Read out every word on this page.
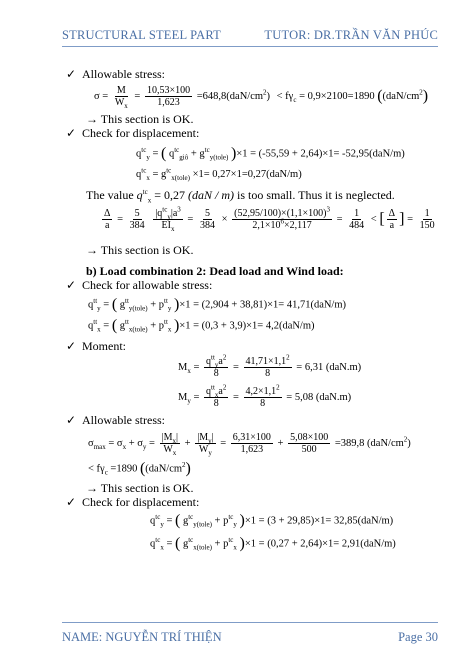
STRUCTURAL STEEL PART	TUTOR: DR.TRẦN VĂN PHÚC
✓ Allowable stress:
$\sigma = \frac{M}{W_x} = \frac{10,53\times 100}{1,623} =648,8(daN/cm^2) < f\gamma_c = 0,9\times 2100=1890$ ($(daN/cm^2)$
→ This section is OK.
✓ Check for displacement:
$q^{tc}_y$ = ( $q^{tc}_{giô} + g^{tc}_{y(tole)}$ )×1 = (-55,59 + 2,64)×1= -52,95(daN/m)
$q^{tc}_x = g^{tc}_{x(tole)} \times 1= 0,27\times 1=0,27(daN/m)$
The value $q^{tc}_x = 0,27$ (daN / m) is too small. Thus it is neglected.
$\frac{\Delta}{a} = \frac{5}{384}$
$|q^{tc}_y|a^3$
$EI_x$
= $\frac{5}{384} \times \frac{(52,95/100)\times(1,1\times 100)^3}{2,1\times 10^6\times 2,117} = \frac{1}{484}$ < [ $\frac{\Delta}{a}$ ] = $\frac{1}{150}$
→ This section is OK.
b) Load combination 2: Dead load and Wind load:
✓ Check for allowable stress:
$q^{tt}_y$ = ( $g^{tt}_{y(tole)} + p^{tt}_y$ )×1 = (2,904 + 38,81)×1= 41,71(daN/m)
$q^{tt}_x$ = ( $g^{tt}_{x(tole)} + p^{tt}_x$ )×1 = (0,3 + 3,9)×1= 4,2(daN/m)
✓ Moment:
$M_x$ =
$q^{tt}_ya^2$
8
= $\frac{41,71\times 1,1^2}{8} = 6,31$ (daN.m)
$M_y$ =
$q^{tt}_xa^2$
8
= $\frac{4,2\times 1,1^2}{8} = 5,08$ (daN.m)
✓ Allowable stress:
$\sigma_{max} = \sigma_x + \sigma_y = \frac{|M_x|}{W_x} + \frac{|M_y|}{W_y} = \frac{6,31\times 100}{1,623} + \frac{5,08\times 100}{500} =389,8$ $(daN/cm^2)$
< $f\gamma_c =1890$ ($(daN/cm^2)$
→ This section is OK.
✓ Check for displacement:
$q^{tc}_y$ = ( $g^{tc}_{y(tole)} + p^{tc}_y$ )×1 = (3 + 29,85)×1= 32,85(daN/m)
$q^{tc}_x$ = ( $g^{tc}_{x(tole)} + p^{tc}_x$ )×1 = (0,27 + 2,64)×1= 2,91(daN/m)
NAME: NGUYỄN TRÍ THIỆN	Page 30
